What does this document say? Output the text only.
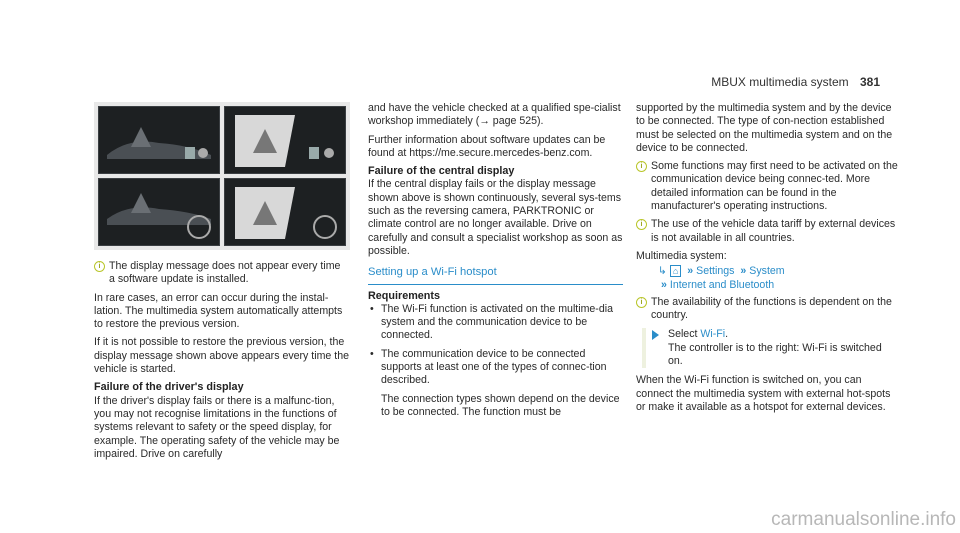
MBUX multimedia system 381
i The display message does not appear every time a software update is installed.

In rare cases, an error can occur during the instal-lation. The multimedia system automatically attempts to restore the previous version.

If it is not possible to restore the previous version, the display message shown above appears every time the vehicle is started.

Failure of the driver's display

If the driver's display fails or there is a malfunc-tion, you may not recognise limitations in the functions of systems relevant to safety or the speed display, for example. The operating safety of the vehicle may be impaired. Drive on carefully

and have the vehicle checked at a qualified spe-cialist workshop immediately (→ page 525).

Further information about software updates can be found at https://me.secure.mercedes-benz.com.

Failure of the central display

If the central display fails or the display message shown above is shown continuously, several sys-tems such as the reversing camera, PARKTRONIC or climate control are no longer available. Drive on carefully and consult a specialist workshop as soon as possible.

Setting up a Wi-Fi hotspot
Requirements
• The Wi-Fi function is activated on the multime-dia system and the communication device to be connected.
• The communication device to be connected supports at least one of the types of connec-tion described.
The connection types shown depend on the device to be connected. The function must be

supported by the multimedia system and by the device to be connected. The type of con-nection established must be selected on the multimedia system and on the device to be connected.

i Some functions may first need to be activated on the communication device being connec-ted. More detailed information can be found in the manufacturer's operating instructions.
i The use of the vehicle data tariff by external devices is not available in all countries.

Multimedia system:

↳ ⌂ » Settings » System
» Internet and Bluetooth
i The availability of the functions is dependent on the country.
Select Wi-Fi.
The controller is to the right: Wi-Fi is switched on.

When the Wi-Fi function is switched on, you can connect the multimedia system with external hot-spots or make it available as a hotspot for external devices.

carmanualsonline.info
